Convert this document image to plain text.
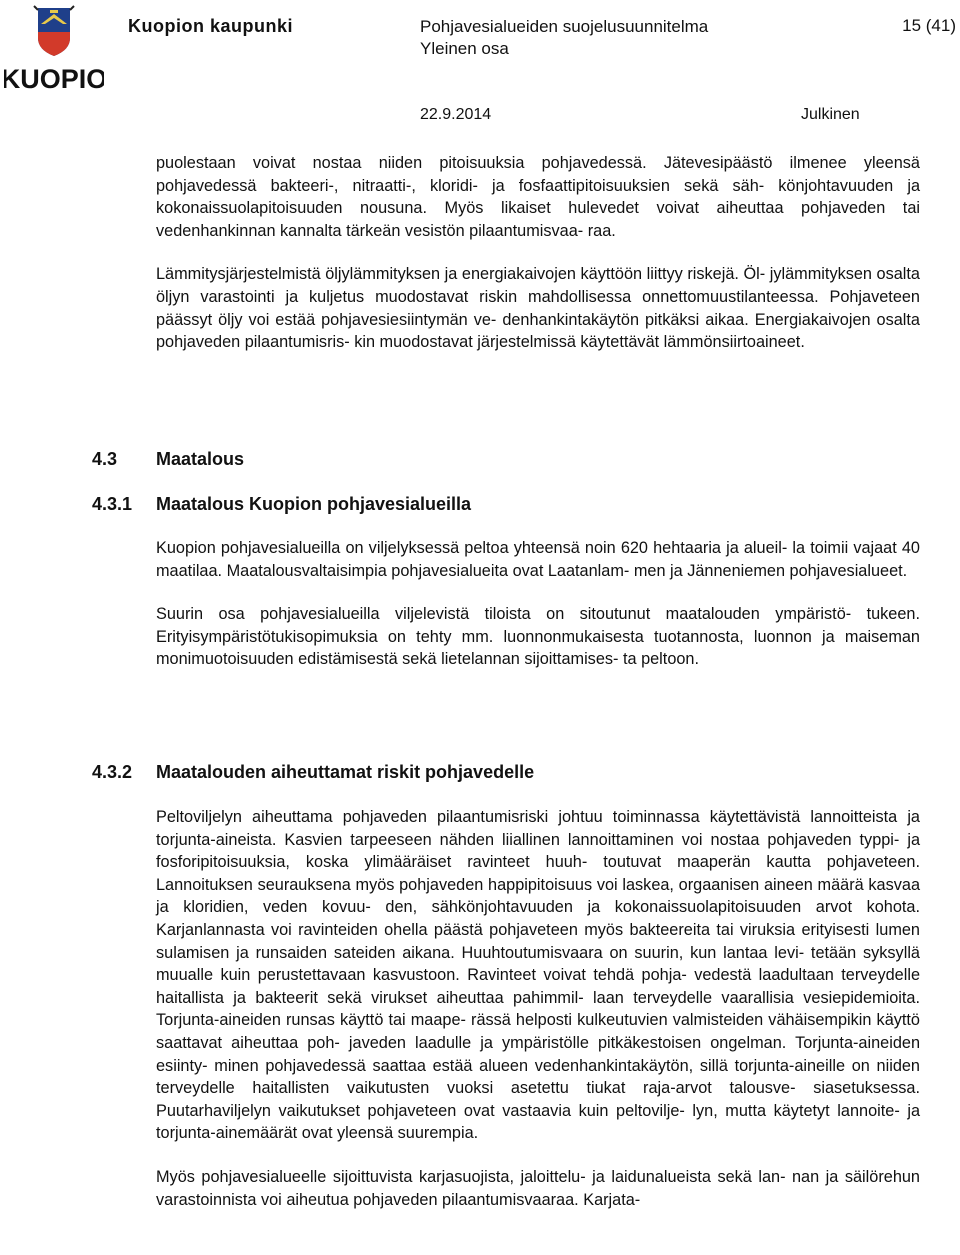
KUOPIO
Kuopion kaupunki	Pohjavesialueiden suojelusuunnitelma
Yleinen osa
15 (41)
22.9.2014	Julkinen

puolestaan voivat nostaa niiden pitoisuuksia pohjavedessä. Jätevesipäästö ilmenee yleensä pohjavedessä bakteeri-, nitraatti-, kloridi- ja fosfaattipitoisuuksien sekä säh- könjohtavuuden ja kokonaissuolapitoisuuden nousuna. Myös likaiset hulevedet voivat aiheuttaa pohjaveden tai vedenhankinnan kannalta tärkeän vesistön pilaantumisvaa- raa.

Lämmitysjärjestelmistä öljylämmityksen ja energiakaivojen käyttöön liittyy riskejä. Öl- jylämmityksen osalta öljyn varastointi ja kuljetus muodostavat riskin mahdollisessa onnettomuustilanteessa. Pohjaveteen päässyt öljy voi estää pohjavesiesiintymän ve- denhankintakäytön pitkäksi aikaa. Energiakaivojen osalta pohjaveden pilaantumisris- kin muodostavat järjestelmissä käytettävät lämmönsiirtoaineet.

4.3 Maatalous
4.3.1 Maatalous Kuopion pohjavesialueilla

Kuopion pohjavesialueilla on viljelyksessä peltoa yhteensä noin 620 hehtaaria ja alueil- la toimii vajaat 40 maatilaa. Maatalousvaltaisimpia pohjavesialueita ovat Laatanlam- men ja Jänneniemen pohjavesialueet.

Suurin osa pohjavesialueilla viljelevistä tiloista on sitoutunut maatalouden ympäristö- tukeen. Erityisympäristötukisopimuksia on tehty mm. luonnonmukaisesta tuotannosta, luonnon ja maiseman monimuotoisuuden edistämisestä sekä lietelannan sijoittamises- ta peltoon.

4.3.2 Maatalouden aiheuttamat riskit pohjavedelle

Peltoviljelyn aiheuttama pohjaveden pilaantumisriski johtuu toiminnassa käytettävistä lannoitteista ja torjunta-aineista. Kasvien tarpeeseen nähden liiallinen lannoittaminen voi nostaa pohjaveden typpi- ja fosforipitoisuuksia, koska ylimääräiset ravinteet huuh- toutuvat maaperän kautta pohjaveteen. Lannoituksen seurauksena myös pohjaveden happipitoisuus voi laskea, orgaanisen aineen määrä kasvaa ja kloridien, veden kovuu- den, sähkönjohtavuuden ja kokonaissuolapitoisuuden arvot kohota. Karjanlannasta voi ravinteiden ohella päästä pohjaveteen myös bakteereita tai viruksia erityisesti lumen sulamisen ja runsaiden sateiden aikana. Huuhtoutumisvaara on suurin, kun lantaa levi- tetään syksyllä muualle kuin perustettavaan kasvustoon. Ravinteet voivat tehdä pohja- vedestä laadultaan terveydelle haitallista ja bakteerit sekä virukset aiheuttaa pahimmil- laan terveydelle vaarallisia vesiepidemioita. Torjunta-aineiden runsas käyttö tai maape- rässä helposti kulkeutuvien valmisteiden vähäisempikin käyttö saattavat aiheuttaa poh- javeden laadulle ja ympäristölle pitkäkestoisen ongelman. Torjunta-aineiden esiinty- minen pohjavedessä saattaa estää alueen vedenhankintakäytön, sillä torjunta-aineille on niiden terveydelle haitallisten vaikutusten vuoksi asetettu tiukat raja-arvot talousve- siasetuksessa. Puutarhaviljelyn vaikutukset pohjaveteen ovat vastaavia kuin peltovilje- lyn, mutta käytetyt lannoite- ja torjunta-ainemäärät ovat yleensä suurempia.

Myös pohjavesialueelle sijoittuvista karjasuojista, jaloittelu- ja laidunalueista sekä lan- nan ja säilörehun varastoinnista voi aiheutua pohjaveden pilaantumisvaaraa. Karjata-
